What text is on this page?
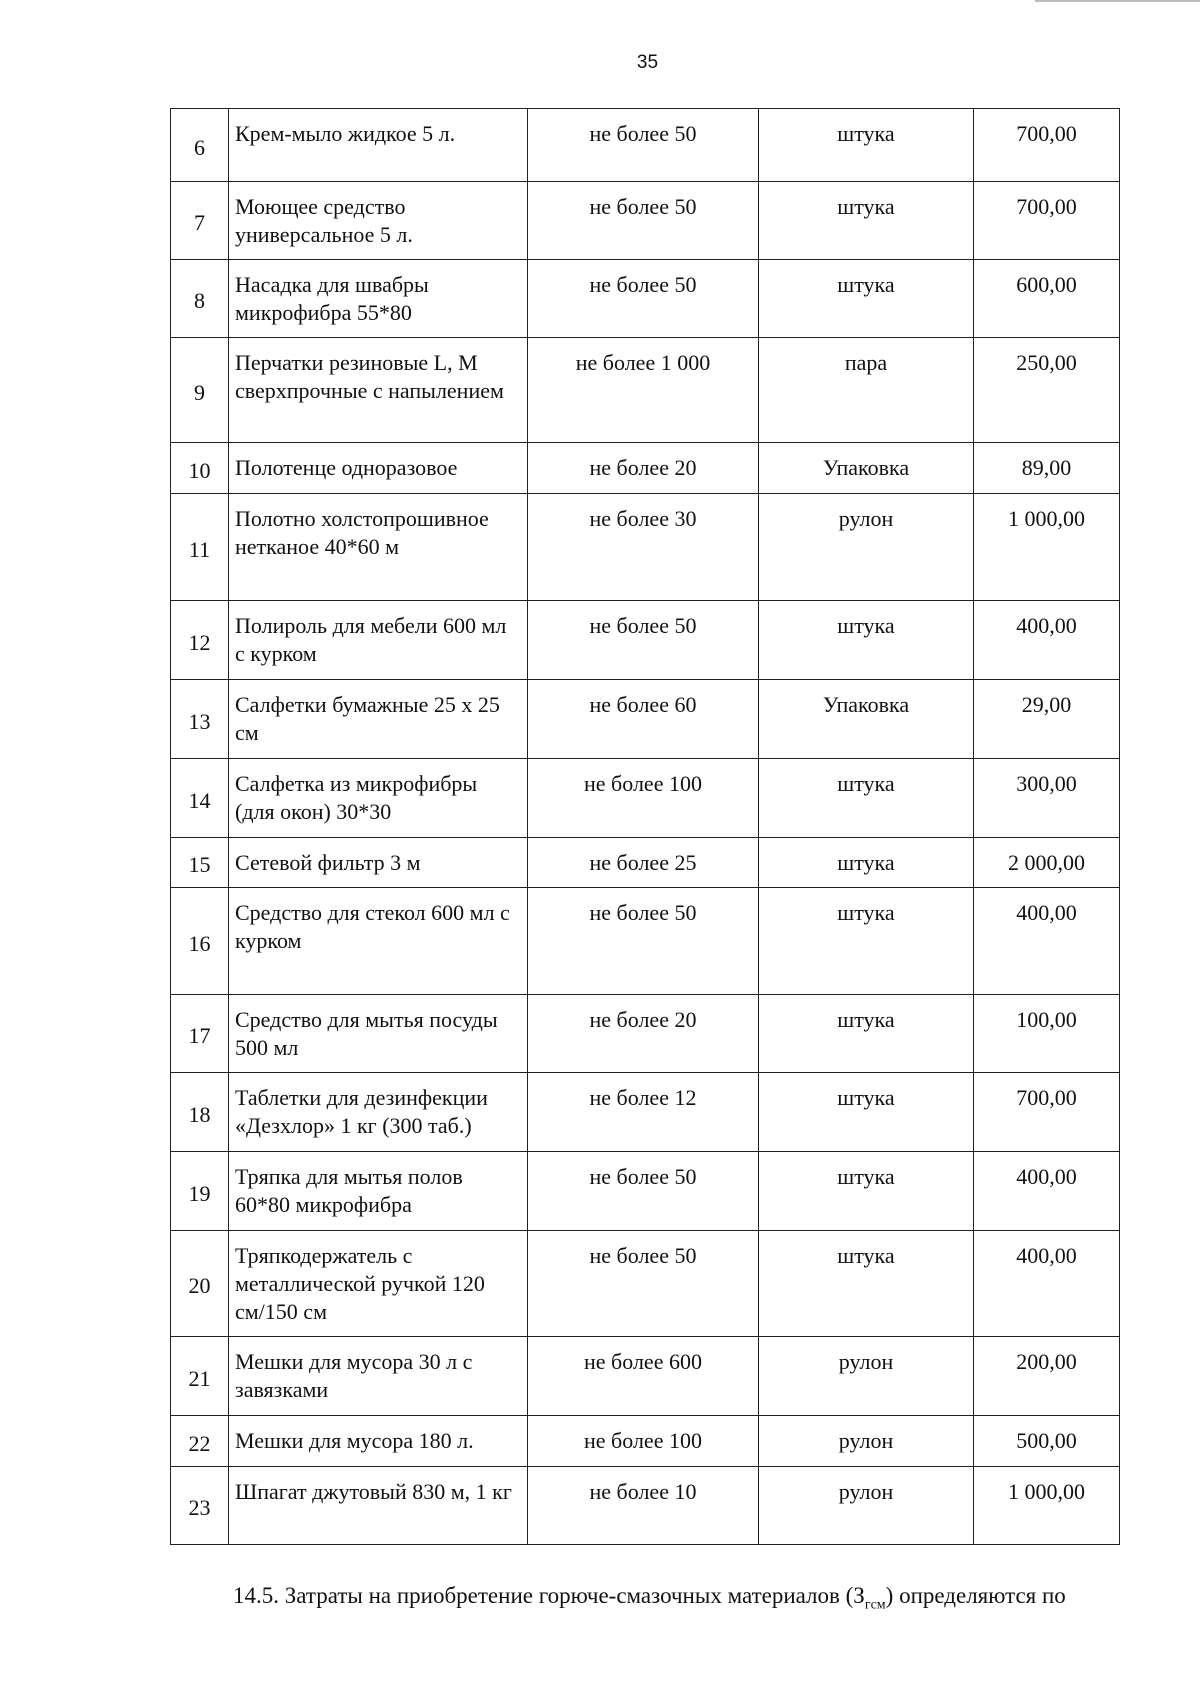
35
6	Крем-мыло жидкое 5 л.	не более 50	штука	700,00
7	Моющее средство универсальное 5 л.	не более 50	штука	700,00
8	Насадка для швабры микрофибра 55*80	не более 50	штука	600,00
9	Перчатки резиновые L, M сверхпрочные с напылением	не более 1 000	пара	250,00
10	Полотенце одноразовое	не более 20	Упаковка	89,00
11	Полотно холстопрошивное нетканое 40*60 м	не более 30	рулон	1 000,00
12	Полироль для мебели 600 мл с курком	не более 50	штука	400,00
13	Салфетки бумажные 25 х 25 см	не более 60	Упаковка	29,00
14	Салфетка из микрофибры (для окон) 30*30	не более 100	штука	300,00
15	Сетевой фильтр 3 м	не более 25	штука	2 000,00
16	Средство для стекол 600 мл с курком	не более 50	штука	400,00
17	Средство для мытья посуды 500 мл	не более 20	штука	100,00
18	Таблетки для дезинфекции «Дезхлор» 1 кг (300 таб.)	не более 12	штука	700,00
19	Тряпка для мытья полов 60*80 микрофибра	не более 50	штука	400,00
20	Тряпкодержатель с металлической ручкой 120 см/150 см	не более 50	штука	400,00
21	Мешки для мусора 30 л с завязками	не более 600	рулон	200,00
22	Мешки для мусора 180 л.	не более 100	рулон	500,00
23	Шпагат джутовый 830 м, 1 кг	не более 10	рулон	1 000,00
14.5. Затраты на приобретение горюче-смазочных материалов $(З_{гсм})$ определяются по
